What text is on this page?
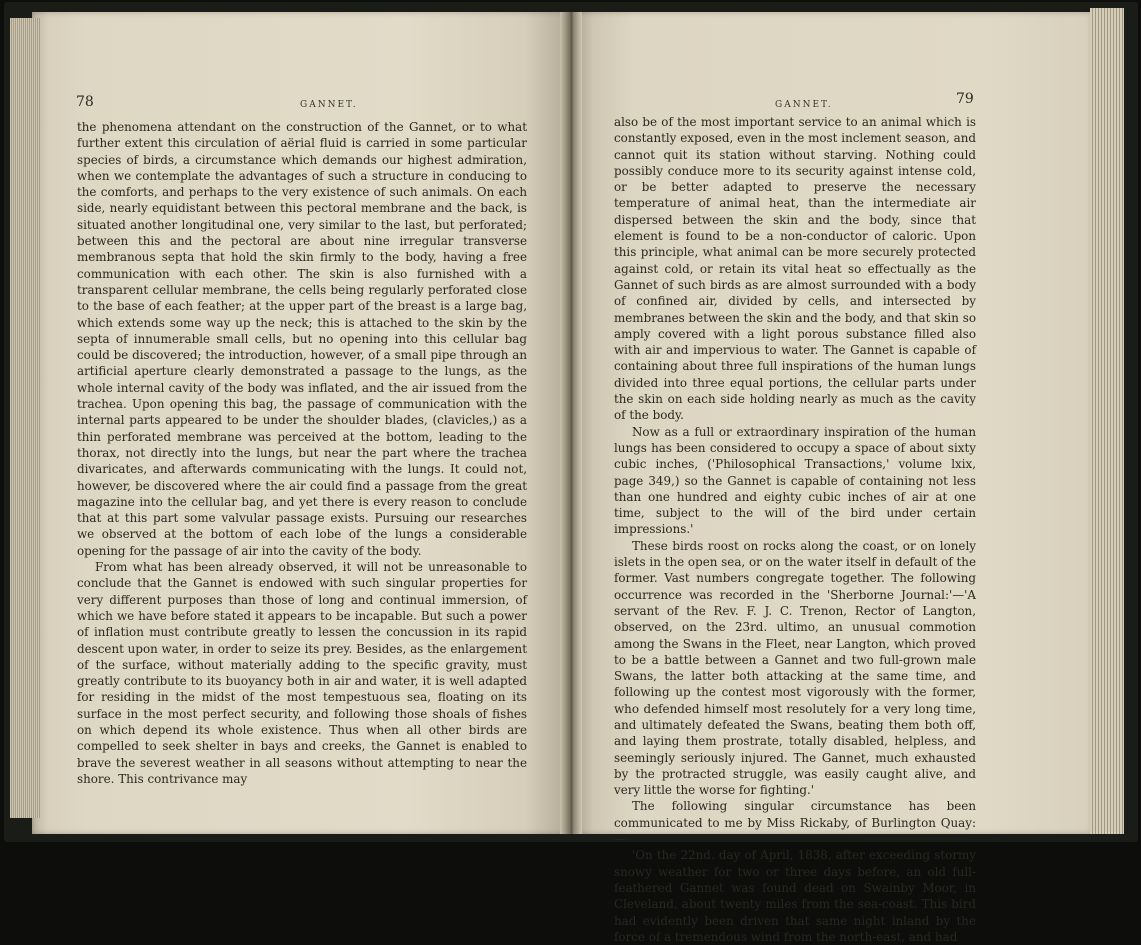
78	GANNET.

the phenomena attendant on the construction of the Gannet, or to what further extent this circulation of aërial fluid is carried in some particular species of birds, a circumstance which demands our highest admiration, when we contemplate the advantages of such a structure in conducing to the comforts, and perhaps to the very existence of such animals. On each side, nearly equidistant between this pectoral membrane and the back, is situated another longitudinal one, very similar to the last, but perforated; between this and the pectoral are about nine irregular transverse membranous septa that hold the skin firmly to the body, having a free communication with each other. The skin is also furnished with a transparent cellular membrane, the cells being regularly perforated close to the base of each feather; at the upper part of the breast is a large bag, which extends some way up the neck; this is attached to the skin by the septa of innumerable small cells, but no opening into this cellular bag could be discovered; the introduction, however, of a small pipe through an artificial aperture clearly demonstrated a passage to the lungs, as the whole internal cavity of the body was inflated, and the air issued from the trachea. Upon opening this bag, the passage of communication with the internal parts appeared to be under the shoulder blades, (clavicles,) as a thin perforated membrane was perceived at the bottom, leading to the thorax, not directly into the lungs, but near the part where the trachea divaricates, and afterwards communicating with the lungs. It could not, however, be discovered where the air could find a passage from the great magazine into the cellular bag, and yet there is every reason to conclude that at this part some valvular passage exists. Pursuing our researches we observed at the bottom of each lobe of the lungs a considerable opening for the passage of air into the cavity of the body.

From what has been already observed, it will not be unreasonable to conclude that the Gannet is endowed with such singular properties for very different purposes than those of long and continual immersion, of which we have before stated it appears to be incapable. But such a power of inflation must contribute greatly to lessen the concussion in its rapid descent upon water, in order to seize its prey. Besides, as the enlargement of the surface, without materially adding to the specific gravity, must greatly contribute to its buoyancy both in air and water, it is well adapted for residing in the midst of the most tempestuous sea, floating on its surface in the most perfect security, and following those shoals of fishes on which depend its whole existence. Thus when all other birds are compelled to seek shelter in bays and creeks, the Gannet is enabled to brave the severest weather in all seasons without attempting to near the shore. This contrivance may

GANNET.	79

also be of the most important service to an animal which is constantly exposed, even in the most inclement season, and cannot quit its station without starving. Nothing could possibly conduce more to its security against intense cold, or be better adapted to preserve the necessary temperature of animal heat, than the intermediate air dispersed between the skin and the body, since that element is found to be a non-conductor of caloric. Upon this principle, what animal can be more securely protected against cold, or retain its vital heat so effectually as the Gannet of such birds as are almost surrounded with a body of confined air, divided by cells, and intersected by membranes between the skin and the body, and that skin so amply covered with a light porous substance filled also with air and impervious to water. The Gannet is capable of containing about three full inspirations of the human lungs divided into three equal portions, the cellular parts under the skin on each side holding nearly as much as the cavity of the body.

Now as a full or extraordinary inspiration of the human lungs has been considered to occupy a space of about sixty cubic inches, ('Philosophical Transactions,' volume lxix, page 349,) so the Gannet is capable of containing not less than one hundred and eighty cubic inches of air at one time, subject to the will of the bird under certain impressions.'

These birds roost on rocks along the coast, or on lonely islets in the open sea, or on the water itself in default of the former. Vast numbers congregate together. The following occurrence was recorded in the 'Sherborne Journal:'—'A servant of the Rev. F. J. C. Trenon, Rector of Langton, observed, on the 23rd. ultimo, an unusual commotion among the Swans in the Fleet, near Langton, which proved to be a battle between a Gannet and two full-grown male Swans, the latter both attacking at the same time, and following up the contest most vigorously with the former, who defended himself most resolutely for a very long time, and ultimately defeated the Swans, beating them both off, and laying them prostrate, totally disabled, helpless, and seemingly seriously injured. The Gannet, much exhausted by the protracted struggle, was easily caught alive, and very little the worse for fighting.'

The following singular circumstance has been communicated to me by Miss Rickaby, of Burlington Quay:—

'On the 22nd. day of April, 1838, after exceeding stormy snowy weather for two or three days before, an old full-feathered Gannet was found dead on Swainby Moor, in Cleveland, about twenty miles from the sea-coast. This bird had evidently been driven that same night inland by the force of a tremendous wind from the north-east, and had
